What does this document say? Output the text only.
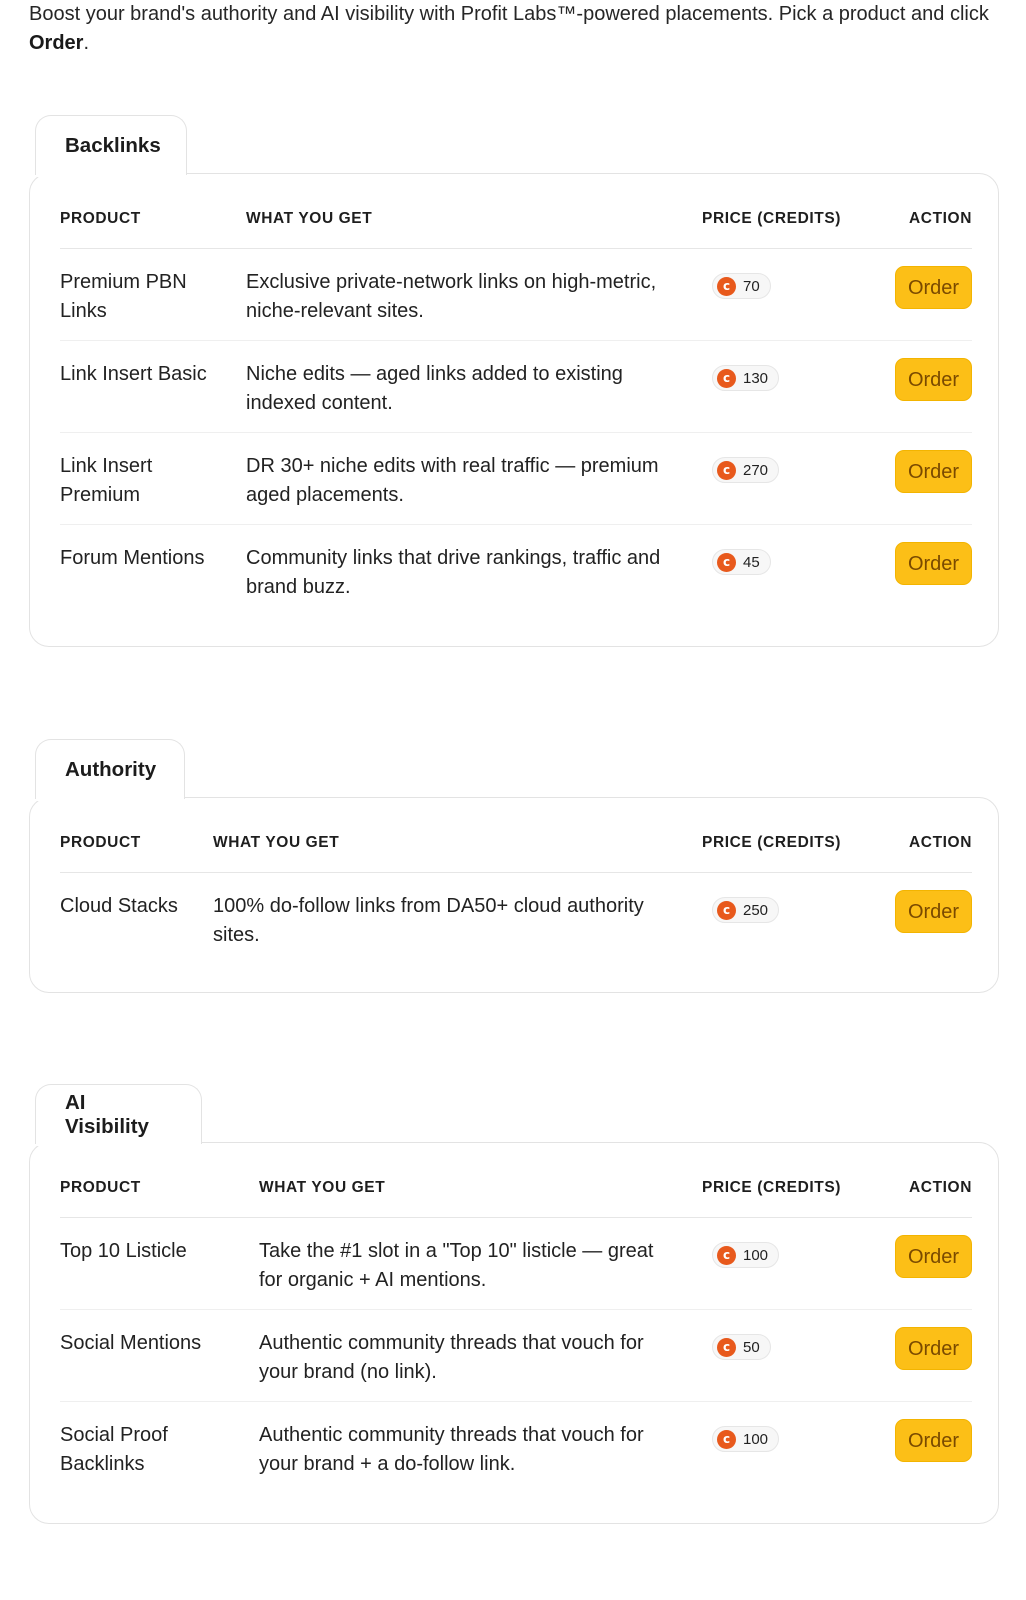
Boost your brand's authority and AI visibility with Profit Labs™-powered placements. Pick a product and click Order.
Backlinks
PRODUCT	WHAT YOU GET	PRICE (CREDITS)	ACTION
Premium PBN Links	Exclusive private-network links on high-metric, niche-relevant sites.	c 70	Order
Link Insert Basic	Niche edits — aged links added to existing indexed content.	c 130	Order
Link Insert Premium	DR 30+ niche edits with real traffic — premium aged placements.	c 270	Order
Forum Mentions	Community links that drive rankings, traffic and brand buzz.	c 45	Order
Authority
PRODUCT	WHAT YOU GET	PRICE (CREDITS)	ACTION
Cloud Stacks	100% do-follow links from DA50+ cloud authority sites.	c 250	Order
AI Visibility
PRODUCT	WHAT YOU GET	PRICE (CREDITS)	ACTION
Top 10 Listicle	Take the #1 slot in a "Top 10" listicle — great for organic + AI mentions.	c 100	Order
Social Mentions	Authentic community threads that vouch for your brand (no link).	c 50	Order
Social Proof Backlinks	Authentic community threads that vouch for your brand + a do-follow link.	c 100	Order
